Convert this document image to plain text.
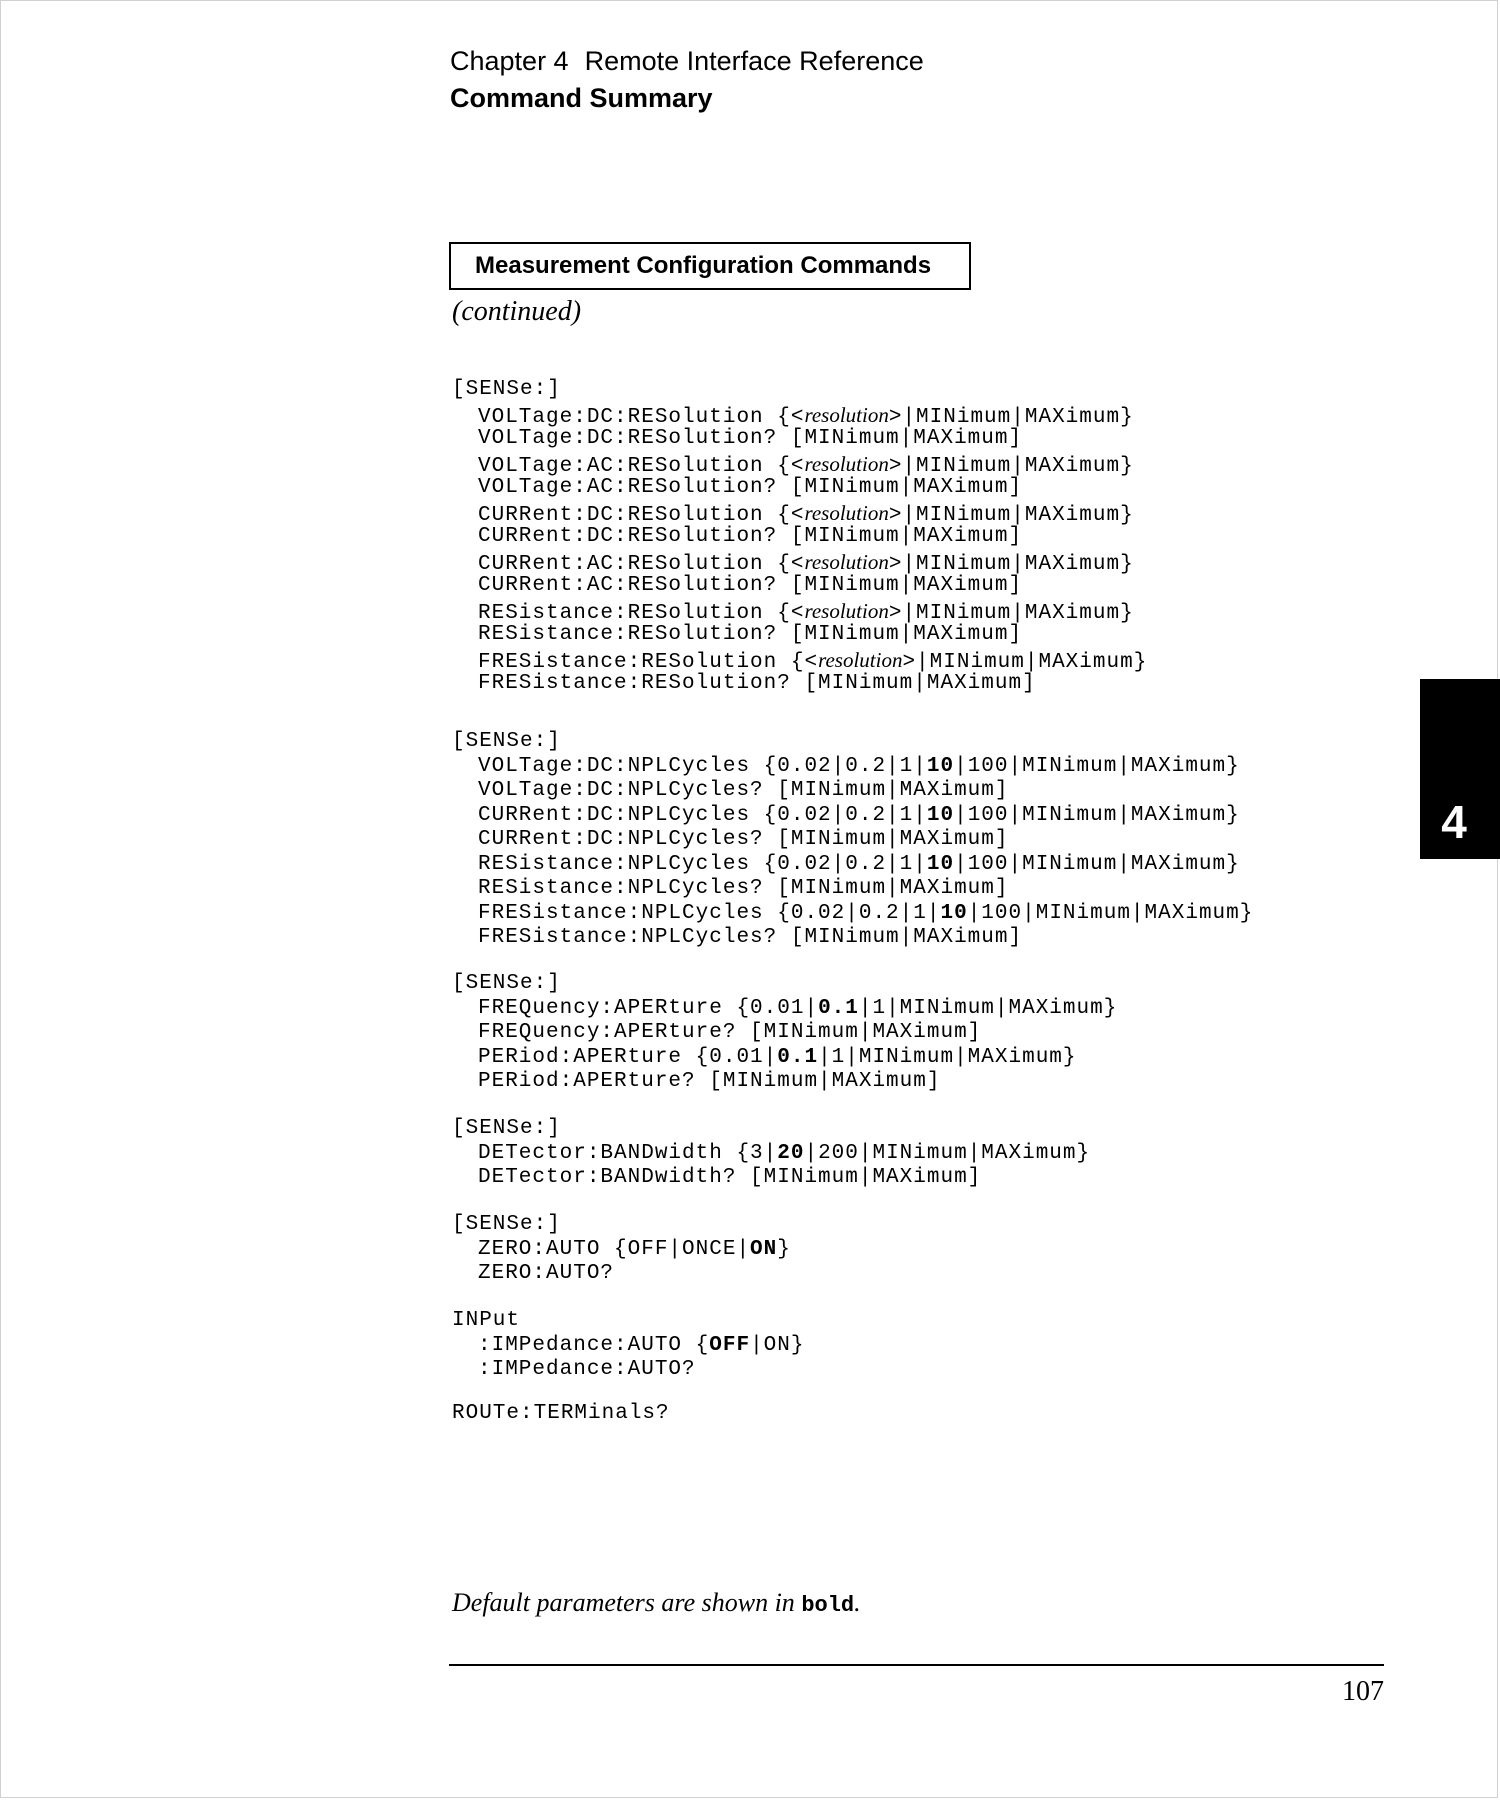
Chapter 4 Remote Interface Reference
Command Summary
Measurement Configuration Commands
(continued)
[SENSe:]
VOLTage:DC:RESolution {<resolution>|MINimum|MAXimum}
VOLTage:DC:RESolution? [MINimum|MAXimum]
VOLTage:AC:RESolution {<resolution>|MINimum|MAXimum}
VOLTage:AC:RESolution? [MINimum|MAXimum]
CURRent:DC:RESolution {<resolution>|MINimum|MAXimum}
CURRent:DC:RESolution? [MINimum|MAXimum]
CURRent:AC:RESolution {<resolution>|MINimum|MAXimum}
CURRent:AC:RESolution? [MINimum|MAXimum]
RESistance:RESolution {<resolution>|MINimum|MAXimum}
RESistance:RESolution? [MINimum|MAXimum]
FRESistance:RESolution {<resolution>|MINimum|MAXimum}
FRESistance:RESolution? [MINimum|MAXimum]
[SENSe:]
VOLTage:DC:NPLCycles {0.02|0.2|1|10|100|MINimum|MAXimum}
VOLTage:DC:NPLCycles? [MINimum|MAXimum]
CURRent:DC:NPLCycles {0.02|0.2|1|10|100|MINimum|MAXimum}
CURRent:DC:NPLCycles? [MINimum|MAXimum]
RESistance:NPLCycles {0.02|0.2|1|10|100|MINimum|MAXimum}
RESistance:NPLCycles? [MINimum|MAXimum]
FRESistance:NPLCycles {0.02|0.2|1|10|100|MINimum|MAXimum}
FRESistance:NPLCycles? [MINimum|MAXimum]
[SENSe:]
FREQuency:APERture {0.01|0.1|1|MINimum|MAXimum}
FREQuency:APERture? [MINimum|MAXimum]
PERiod:APERture {0.01|0.1|1|MINimum|MAXimum}
PERiod:APERture? [MINimum|MAXimum]
[SENSe:]
DETector:BANDwidth {3|20|200|MINimum|MAXimum}
DETector:BANDwidth? [MINimum|MAXimum]
[SENSe:]
ZERO:AUTO {OFF|ONCE|ON}
ZERO:AUTO?
INPut
:IMPedance:AUTO {OFF|ON}
:IMPedance:AUTO?
ROUTe:TERMinals?
Default parameters are shown in bold.
107
4
